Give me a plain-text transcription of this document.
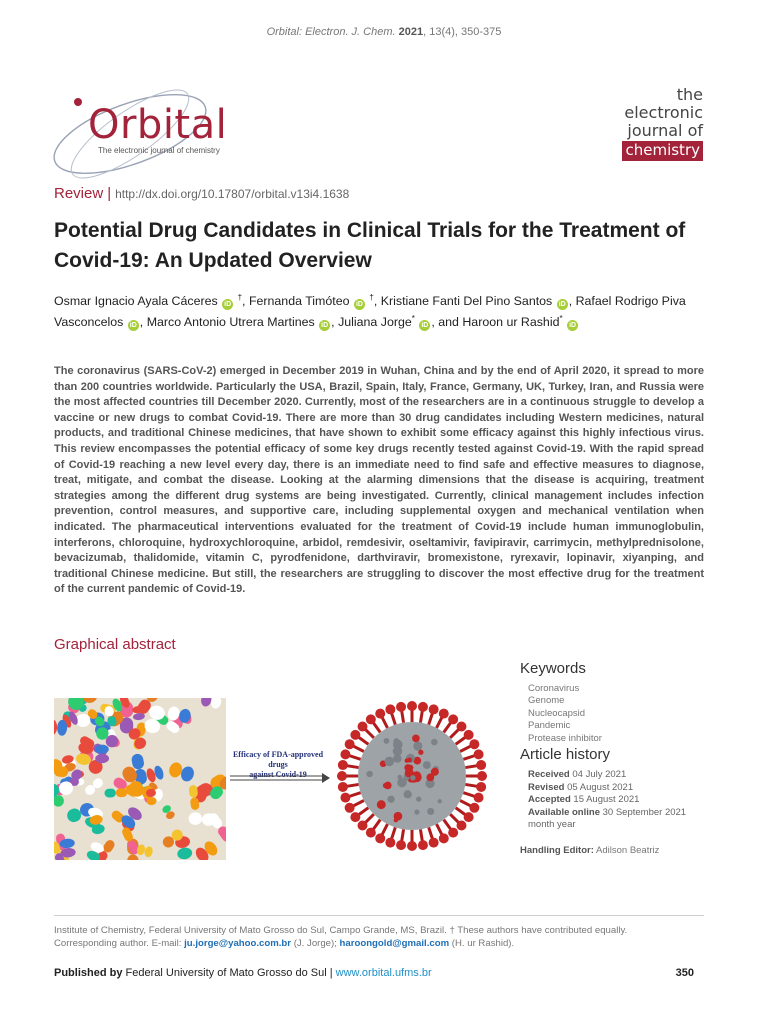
Orbital: Electron. J. Chem. 2021, 13(4), 350-375
Orbital
The electronic journal of chemistry
the
electronic
journal of
chemistry
Review | http://dx.doi.org/10.17807/orbital.v13i4.1638
Potential Drug Candidates in Clinical Trials for the Treatment of Covid-19: An Updated Overview
Osmar Ignacio Ayala Cáceres iD †, Fernanda Timóteo iD †, Kristiane Fanti Del Pino Santos iD , Rafael Rodrigo Piva Vasconcelos iD , Marco Antonio Utrera Martines iD , Juliana Jorge* iD , and Haroon ur Rashid* iD

The coronavirus (SARS-CoV-2) emerged in December 2019 in Wuhan, China and by the end of April 2020, it spread to more than 200 countries worldwide. Particularly the USA, Brazil, Spain, Italy, France, Germany, UK, Turkey, Iran, and Russia were the most affected countries till December 2020. Currently, most of the researchers are in a continuous struggle to develop a vaccine or new drugs to combat Covid-19. There are more than 30 drug candidates including Western medicines, natural products, and traditional Chinese medicines, that have shown to exhibit some efficacy against this highly infectious virus. This review encompasses the potential efficacy of some key drugs recently tested against Covid-19. With the rapid spread of Covid-19 reaching a new level every day, there is an immediate need to find safe and effective measures to diagnose, treat, mitigate, and combat the disease. Looking at the alarming dimensions that the disease is acquiring, treatment strategies among the different drug systems are being investigated. Currently, clinical management includes infection prevention, control measures, and supportive care, including supplemental oxygen and mechanical ventilation when indicated. The pharmaceutical interventions evaluated for the treatment of Covid-19 include human immunoglobulin, interferons, chloroquine, hydroxychloroquine, arbidol, remdesivir, oseltamivir, favipiravir, carrimycin, methylprednisolone, bevacizumab, thalidomide, vitamin C, pyrodfenidone, darthviravir, bromexistone, ryrexavir, lopinavir, xiyanping, and traditional Chinese medicine. But still, the researchers are struggling to discover the most effective drug for the treatment of the current pandemic of Covid-19.

Graphical abstract
Efficacy of FDA-approved drugs
against Covid-19
Keywords
Coronavirus
Genome
Nucleocapsid
Pandemic
Protease inhibitor
Article history
Received 04 July 2021
Revised 05 August 2021
Accepted 15 August 2021
Available online 30 September 2021
month year
Handling Editor: Adilson Beatriz
Institute of Chemistry, Federal University of Mato Grosso do Sul, Campo Grande, MS, Brazil. † These authors have contributed equally.
Corresponding author. E-mail: ju.jorge@yahoo.com.br (J. Jorge); haroongold@gmail.com (H. ur Rashid).
Published by Federal University of Mato Grosso do Sul | www.orbital.ufms.br	350
